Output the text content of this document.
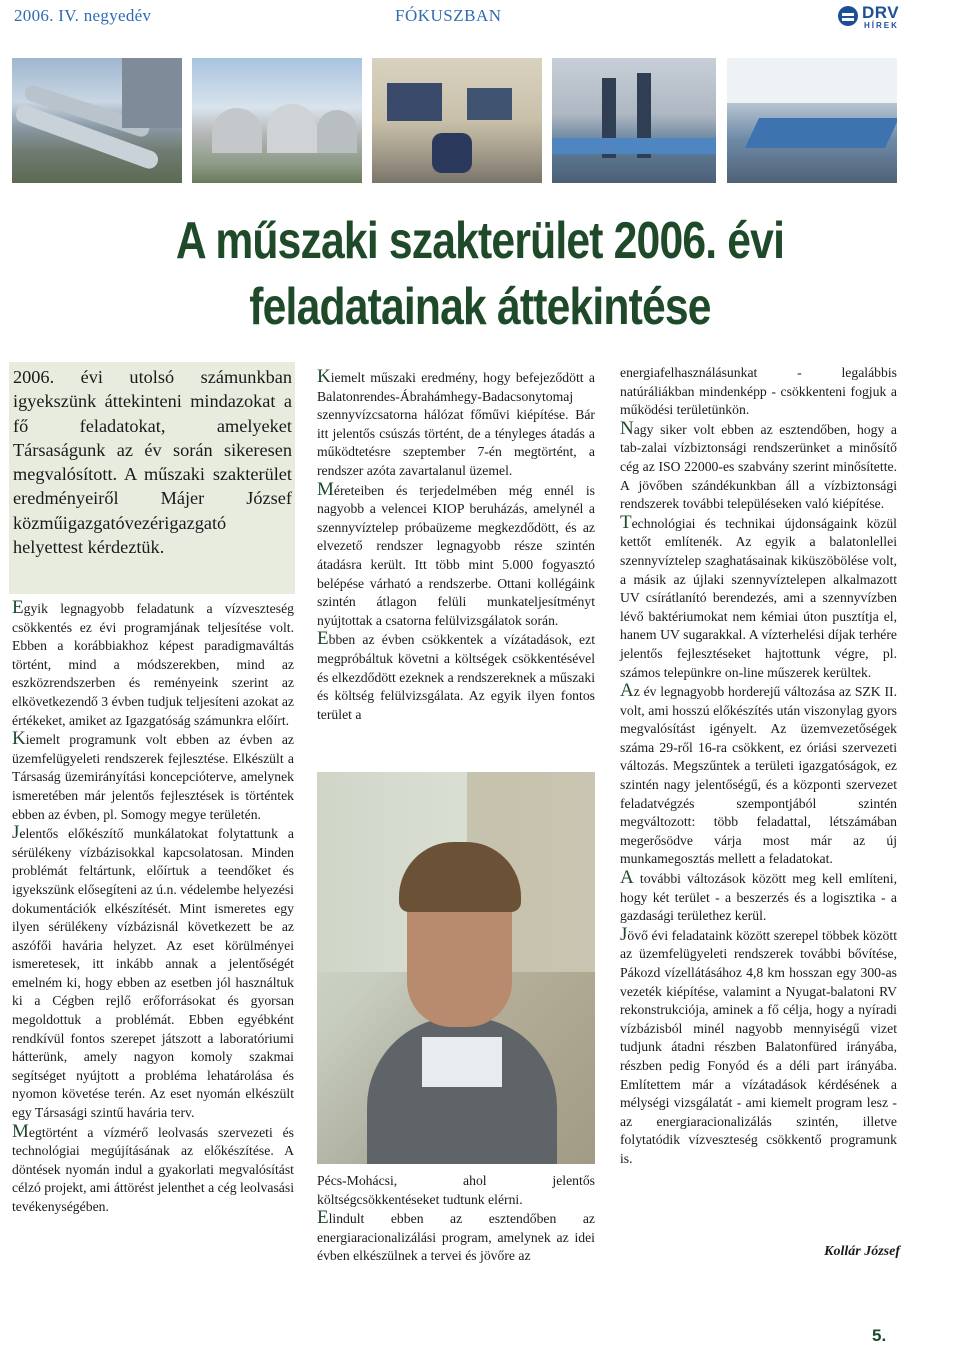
2006. IV. negyedév	FÓKUSZBAN	DRV
HÍREK
A műszaki szakterület 2006. évi
feladatainak áttekintése
2006. évi utolsó számunkban igyekszünk áttekinteni mindazokat a fő feladatokat, amelyeket Társaságunk az év során sikeresen megvalósított. A műszaki szakterület eredményeiről Májer József közműigazgatóvezérigazgató helyettest kérdeztük.

Egyik legnagyobb feladatunk a vízveszteség csökkentés ez évi programjának teljesítése volt. Ebben a korábbiakhoz képest paradigmaváltás történt, mind a módszerekben, mind az eszközrendszerben és reményeink szerint az elkövetkezendő 3 évben tudjuk teljesíteni azokat az értékeket, amiket az Igazgatóság számunkra előírt.

Kiemelt programunk volt ebben az évben az üzemfelügyeleti rendszerek fejlesztése. Elkészült a Társaság üzemirányítási koncepcióterve, amelynek ismeretében már jelentős fejlesztések is történtek ebben az évben, pl. Somogy megye területén.

Jelentős előkészítő munkálatokat folytattunk a sérülékeny vízbázisokkal kapcsolatosan. Minden problémát feltártunk, előírtuk a teendőket és igyekszünk elősegíteni az ú.n. védelembe helyezési dokumentációk elkészítését. Mint ismeretes egy ilyen sérülékeny vízbázisnál következett be az aszófői havária helyzet. Az eset körülményei ismeretesek, itt inkább annak a jelentőségét emelném ki, hogy ebben az esetben jól használtuk ki a Cégben rejlő erőforrásokat és gyorsan megoldottuk a problémát. Ebben egyébként rendkívül fontos szerepet játszott a laboratóriumi hátterünk, amely nagyon komoly szakmai segítséget nyújtott a probléma lehatárolása és nyomon követése terén. Az eset nyomán elkészült egy Társasági szintű havária terv.

Megtörtént a vízmérő leolvasás szervezeti és technológiai megújításának az előkészítése. A döntések nyomán indul a gyakorlati megvalósítást célzó projekt, ami áttörést jelenthet a cég leolvasási tevékenységében.

Kiemelt műszaki eredmény, hogy befejeződött a Balatonrendes-Ábrahámhegy-Badacsonytomaj szennyvízcsatorna hálózat főművi kiépítése. Bár itt jelentős csúszás történt, de a tényleges átadás a működtetésre szeptember 7-én megtörtént, a rendszer azóta zavartalanul üzemel.

Méreteiben és terjedelmében még ennél is nagyobb a velencei KIOP beruházás, amelynél a szennyvíztelep próbaüzeme megkezdődött, és az elvezető rendszer legnagyobb része szintén átadásra került. Itt több mint 5.000 fogyasztó belépése várható a rendszerbe. Ottani kollégáink szintén átlagon felüli munkateljesítményt nyújtottak a csatorna felülvizsgálatok során.

Ebben az évben csökkentek a vízátadások, ezt megpróbáltuk követni a költségek csökkentésével és elkezdődött ezeknek a rendszereknek a műszaki és költség felülvizsgálata. Az egyik ilyen fontos terület a

Pécs-Mohácsi, ahol jelentős költségcsökkentéseket tudtunk elérni.

Elindult ebben az esztendőben az energiaracionalizálási program, amelynek az idei évben elkészülnek a tervei és jövőre az

energiafelhasználásunkat - legalábbis natúráliákban mindenképp - csökkenteni fogjuk a működési területünkön.

Nagy siker volt ebben az esztendőben, hogy a tab-zalai vízbiztonsági rendszerünket a minősítő cég az ISO 22000-es szabvány szerint minősítette. A jövőben szándékunkban áll a vízbiztonsági rendszerek további településeken való kiépítése.

Technológiai és technikai újdonságaink közül kettőt említenék. Az egyik a balatonlellei szennyvíztelep szaghatásainak kiküszöbölése volt, a másik az újlaki szennyvíztelepen alkalmazott UV csírátlanító berendezés, ami a szennyvízben lévő baktériumokat nem kémiai úton pusztítja el, hanem UV sugarakkal. A vízterhelési díjak terhére jelentős fejlesztéseket hajtottunk végre, pl. számos telepünkre on-line műszerek kerültek.

Az év legnagyobb horderejű változása az SZK II. volt, ami hosszú előkészítés után viszonylag gyors megvalósítást igényelt. Az üzemvezetőségek száma 29-ről 16-ra csökkent, ez óriási szervezeti változás. Megszűntek a területi igazgatóságok, ez szintén nagy jelentőségű, és a központi szervezet feladatvégzés szempontjából szintén megváltozott: több feladattal, létszámában megerősödve várja most már az új munkamegosztás mellett a feladatokat.

A további változások között meg kell említeni, hogy két terület - a beszerzés és a logisztika - a gazdasági területhez kerül.

Jövő évi feladataink között szerepel többek között az üzemfelügyeleti rendszerek további bővítése, Pákozd vízellátásához 4,8 km hosszan egy 300-as vezeték kiépítése, valamint a Nyugat-balatoni RV rekonstrukciója, aminek a fő célja, hogy a nyíradi vízbázisból minél nagyobb mennyiségű vizet tudjunk átadni részben Balatonfüred irányába, részben pedig Fonyód és a déli part irányába. Említettem már a vízátadások kérdésének a mélységi vizsgálatát - ami kiemelt program lesz - az energiaracionalizálás szintén, illetve folytatódik vízveszteség csökkentő programunk is.

Kollár József
5.
